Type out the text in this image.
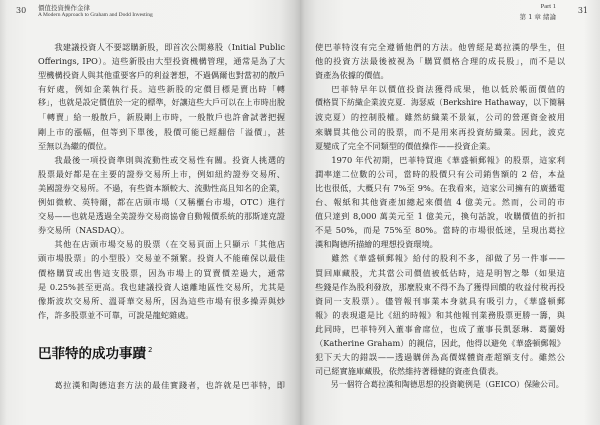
30 價值投資操作金律
A Modern Approach to Graham and Dodd Investing
我建議投資人不要認購新股，即首次公開募股（Initial Public
Offerings, IPO）。這些新股由大型投資機構管理，通常是為了大
型機構投資人與其他重要客戶的利益著想，不過偶爾也對當初的散戶
有好處，例如企業執行長。這些新股的定價目標是賣出時「轉
移」，也就是設定價值於一定的標準，好讓這些大戶可以在上市時出脫
「轉賣」給一般散戶，新股剛上市時，一般散戶也許會試著把握
剛上市的漲幅，但等到下單後，股價可能已經翻倍「溢價」，甚
至無以為繼的價位。
我最後一項投資準則與流動性或交易性有關。投資人挑選的
股票最好都是在主要的證券交易所上市，例如紐約證券交易所、
美國證券交易所。不過，有些資本額較大、流動性高且知名的企業，
例如微軟、英特爾，都在店頭市場（又稱櫃台市場，OTC）進行
交易——也就是透過全美證券交易商協會自動報價系統的那斯達克證
券交易所（NASDAQ）。
其他在店頭市場交易的股票（在交易頁面上只顯示「其他店
頭市場股票」的小型股）交易並不頻繁。投資人不能確保以最佳
價格購買或出售這支股票，因為市場上的買賣價差過大，通常
是 0.25%甚至更高。我也建議投資人遠離地區性交易所，尤其是
像斯波坎交易所、溫哥華交易所，因為這些市場有很多操弄與炒
作，許多股票並不可靠，可說是龍蛇雜處。
巴菲特的成功事蹟 $^2$
葛拉漢和陶德這套方法的最佳實踐者，也許就是巴菲特，即
Part 1
第 1 章 緒論
31
使巴菲特沒有完全遵循他們的方法。他曾經是葛拉漢的學生，但
他的投資方法最後被視為「購買價格合理的成長股」，而不是以
資產為依據的價值。
巴菲特早年以價值投資法獲得成果，他以低於帳面價值的
價格買下紡織企業波克夏．海瑟威（Berkshire Hathaway，以下簡稱
波克夏）的控制股權。雖然紡織業不景氣，公司的營運資金被用
來購買其他公司的股票，而不是用來再投資紡織業。因此，波克
夏變成了完全不同類型的價值操作——投資企業。
1970 年代初期，巴菲特買進《華盛頓郵報》的股票，這家利
潤率達二位數的公司，當時的股價只有公司銷售額的 2 倍，本益
比也很低，大概只有 7%至 9%。在我看來，這家公司擁有的廣播電
台、報紙和其他資產加總起來價值 4 億美元。然而，公司的市
值只達到 8,000 萬美元至 1 億美元，換句話說，收購價值的折扣
不是 50%，而是 75%至 80%。當時的市場很低迷，呈現出葛拉
漢和陶德所描繪的理想投資環境。
雖然《華盛頓郵報》給付的股利不多，卻做了另一件事——
買回庫藏股，尤其當公司價值被低估時，這是明智之舉（如果這
些錢是作為股利發放，那麼股東不得不為了獲得回饋的收益付稅再投
資同一支股票）。儘管報刊事業本身就具有吸引力，《華盛頓郵
報》的表現還是比《紐約時報》和其他報刊業務股票更勝一籌，與
此同時，巴菲特列入董事會席位，也成了董事長凱瑟琳．葛蘭姆
（Katherine Graham）的親信，因此，他得以避免《華盛頓郵報》
犯下天大的錯誤——透過購併為高價媒體資產超額支付。雖然公
司已經實施庫藏股，依然維持著穩健的資產負債表。
另一個符合葛拉漢和陶德思想的投資範例是（GEICO）保險公司。
